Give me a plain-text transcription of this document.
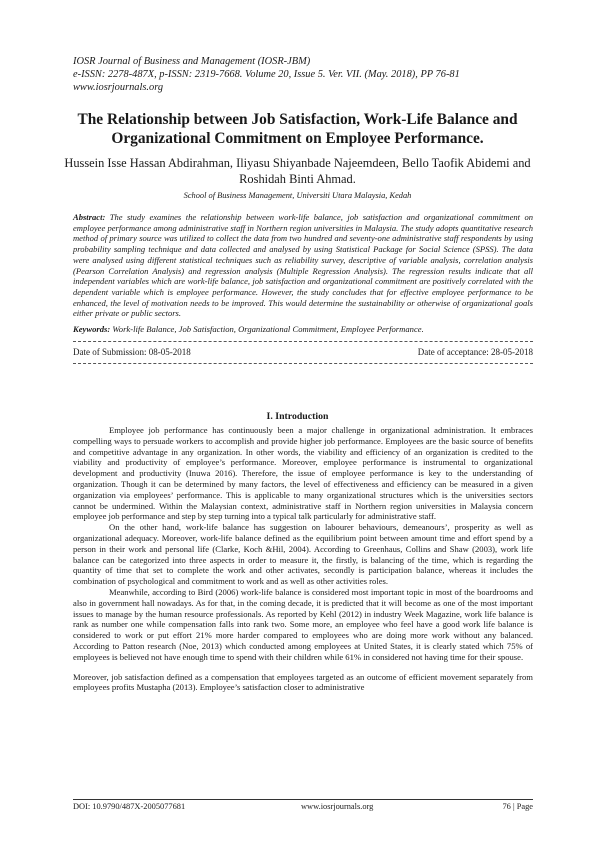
IOSR Journal of Business and Management (IOSR-JBM)
e-ISSN: 2278-487X, p-ISSN: 2319-7668. Volume 20, Issue 5. Ver. VII. (May. 2018), PP 76-81
www.iosrjournals.org
The Relationship between Job Satisfaction, Work-Life Balance and Organizational Commitment on Employee Performance.
Hussein Isse Hassan Abdirahman, Iliyasu Shiyanbade Najeemdeen, Bello Taofik Abidemi and Roshidah Binti Ahmad.
School of Business Management, Universiti Utara Malaysia, Kedah
Abstract: The study examines the relationship between work-life balance, job satisfaction and organizational commitment on employee performance among administrative staff in Northern region universities in Malaysia. The study adopts quantitative research method of primary source was utilized to collect the data from two hundred and seventy-one administrative staff respondents by using probability sampling technique and data collected and analysed by using Statistical Package for Social Science (SPSS). The data were analysed using different statistical techniques such as reliability survey, descriptive of variable analysis, correlation analysis (Pearson Correlation Analysis) and regression analysis (Multiple Regression Analysis). The regression results indicate that all independent variables which are work-life balance, job satisfaction and organizational commitment are positively correlated with the dependent variable which is employee performance. However, the study concludes that for effective employee performance to be enhanced, the level of motivation needs to be improved. This would determine the sustainability or otherwise of organizational goals either private or public sectors.
Keywords: Work-life Balance, Job Satisfaction, Organizational Commitment, Employee Performance.
Date of Submission: 08-05-2018	Date of acceptance: 28-05-2018
I. Introduction

Employee job performance has continuously been a major challenge in organizational administration. It embraces compelling ways to persuade workers to accomplish and provide higher job performance. Employees are the basic source of benefits and competitive advantage in any organization. In other words, the viability and efficiency of an organization is credited to the viability and productivity of employee’s performance. Moreover, employee performance is instrumental to organizational development and productivity (Inuwa 2016). Therefore, the issue of employee performance is key to the understanding of organization. Though it can be determined by many factors, the level of effectiveness and efficiency can be measured in a given organization via employees’ performance. This is applicable to many organizational structures which is the universities sectors cannot be undermined. Within the Malaysian context, administrative staff in Northern region universities in Malaysia concern employee job performance and step by step turning into a typical talk particularly for administrative staff.

On the other hand, work-life balance has suggestion on labourer behaviours, demeanours’, prosperity as well as organizational adequacy. Moreover, work-life balance defined as the equilibrium point between amount time and effort spend by a person in their work and personal life (Clarke, Koch &Hil, 2004). According to Greenhaus, Collins and Shaw (2003), work life balance can be categorized into three aspects in order to measure it, the firstly, is balancing of the time, which is regarding the quantity of time that set to complete the work and other activates, secondly is participation balance, whereas it includes the combination of psychological and commitment to work and as well as other activities roles.

Meanwhile, according to Bird (2006) work-life balance is considered most important topic in most of the boardrooms and also in government hall nowadays. As for that, in the coming decade, it is predicted that it will become as one of the most important issues to manage by the human resource professionals. As reported by Kehl (2012) in industry Week Magazine, work life balance is rank as number one while compensation falls into rank two. Some more, an employee who feel have a good work life balance is considered to work or put effort 21% more harder compared to employees who are doing more work without any balanced. According to Patton research (Noe, 2013) which conducted among employees at United States, it is clearly stated which 75% of employees is believed not have enough time to spend with their children while 61% in considered not having time for their spouse.

Moreover, job satisfaction defined as a compensation that employees targeted as an outcome of efficient movement separately from employees profits Mustapha (2013). Employee’s satisfaction closer to administrative

DOI: 10.9790/487X-2005077681	www.iosrjournals.org	76 | Page
